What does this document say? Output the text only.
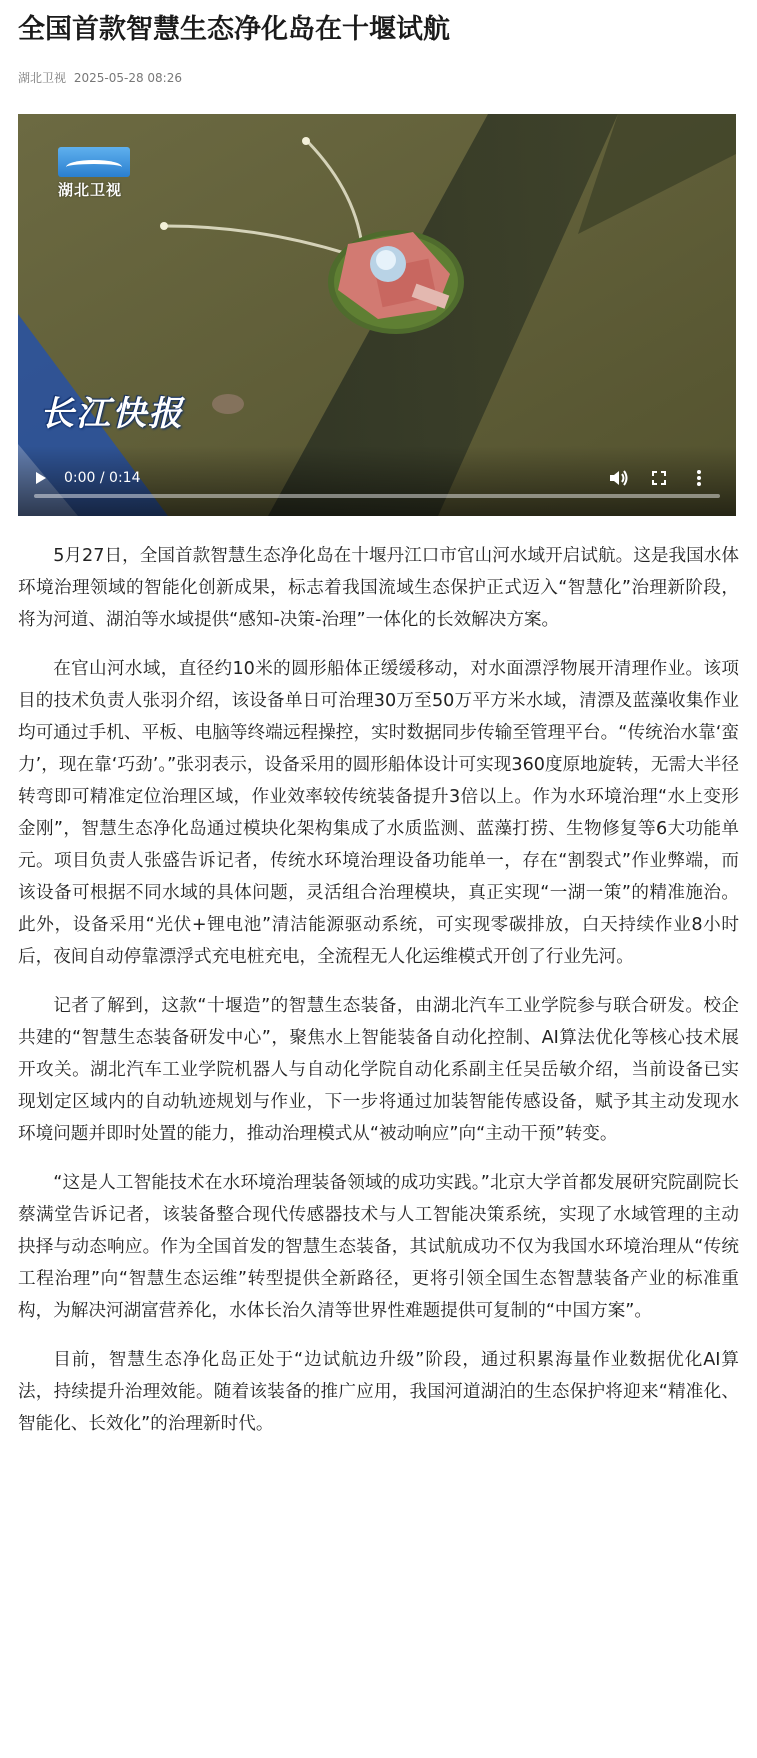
全国首款智慧生态净化岛在十堰试航
湖北卫视 2025-05-28 08:26
湖北卫视
长江快报
0:00 / 0:14

5月27日，全国首款智慧生态净化岛在十堰丹江口市官山河水域开启试航。这是我国水体环境治理领域的智能化创新成果，标志着我国流域生态保护正式迈入“智慧化”治理新阶段，将为河道、湖泊等水域提供“感知-决策-治理”一体化的长效解决方案。

在官山河水域，直径约10米的圆形船体正缓缓移动，对水面漂浮物展开清理作业。该项目的技术负责人张羽介绍，该设备单日可治理30万至50万平方米水域，清漂及蓝藻收集作业均可通过手机、平板、电脑等终端远程操控，实时数据同步传输至管理平台。“传统治水靠‘蛮力’，现在靠‘巧劲’。”张羽表示，设备采用的圆形船体设计可实现360度原地旋转，无需大半径转弯即可精准定位治理区域，作业效率较传统装备提升3倍以上。作为水环境治理“水上变形金刚”，智慧生态净化岛通过模块化架构集成了水质监测、蓝藻打捞、生物修复等6大功能单元。项目负责人张盛告诉记者，传统水环境治理设备功能单一，存在“割裂式”作业弊端，而该设备可根据不同水域的具体问题，灵活组合治理模块，真正实现“一湖一策”的精准施治。此外，设备采用“光伏+锂电池”清洁能源驱动系统，可实现零碳排放，白天持续作业8小时后，夜间自动停靠漂浮式充电桩充电，全流程无人化运维模式开创了行业先河。

记者了解到，这款“十堰造”的智慧生态装备，由湖北汽车工业学院参与联合研发。校企共建的“智慧生态装备研发中心”，聚焦水上智能装备自动化控制、AI算法优化等核心技术展开攻关。湖北汽车工业学院机器人与自动化学院自动化系副主任吴岳敏介绍，当前设备已实现划定区域内的自动轨迹规划与作业，下一步将通过加装智能传感设备，赋予其主动发现水环境问题并即时处置的能力，推动治理模式从“被动响应”向“主动干预”转变。

“这是人工智能技术在水环境治理装备领域的成功实践。”北京大学首都发展研究院副院长蔡满堂告诉记者，该装备整合现代传感器技术与人工智能决策系统，实现了水域管理的主动抉择与动态响应。作为全国首发的智慧生态装备，其试航成功不仅为我国水环境治理从“传统工程治理”向“智慧生态运维”转型提供全新路径，更将引领全国生态智慧装备产业的标准重构，为解决河湖富营养化，水体长治久清等世界性难题提供可复制的“中国方案”。

目前，智慧生态净化岛正处于“边试航边升级”阶段，通过积累海量作业数据优化AI算法，持续提升治理效能。随着该装备的推广应用，我国河道湖泊的生态保护将迎来“精准化、智能化、长效化”的治理新时代。
